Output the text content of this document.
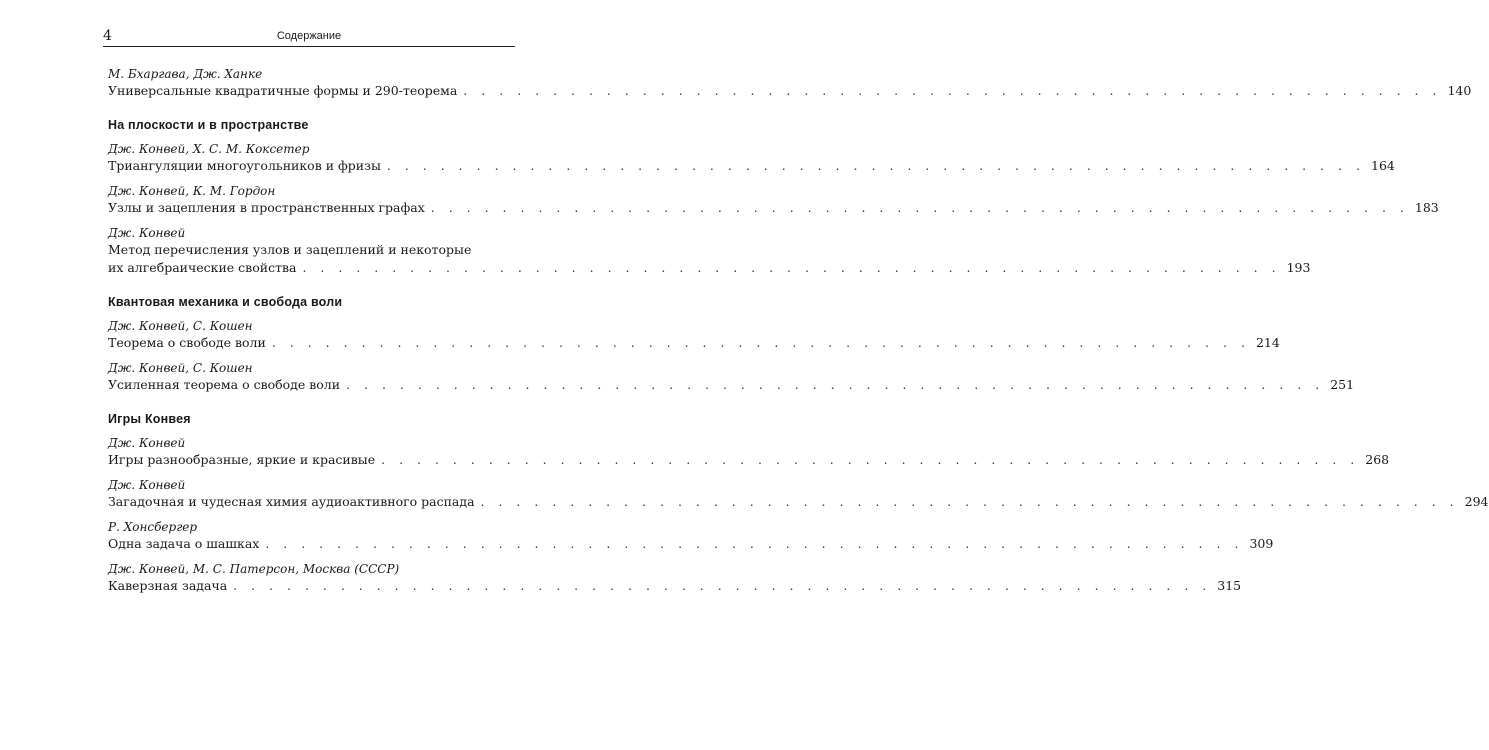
4	Содержание
М. Бхаргава, Дж. Ханке
Универсальные квадратичные формы и 290-теорема . . . . . . . . . . . . . . . . . . . . . . . . . . . . . . . . . . . . . . . . . . . . . . . . . . . . . . . 140
На плоскости и в пространстве
Дж. Конвей, Х. С. М. Коксетер
Триангуляции многоугольников и фризы . . . . . . . . . . . . . . . . . . . . . . . . . . . . . . . . . . . . . . . . . . . . . . . . . . . . . . . 164
Дж. Конвей, К. М. Гордон
Узлы и зацепления в пространственных графах . . . . . . . . . . . . . . . . . . . . . . . . . . . . . . . . . . . . . . . . . . . . . . . . . . . . . . . 183
Дж. Конвей
Метод перечисления узлов и зацеплений и некоторые
их алгебраические свойства . . . . . . . . . . . . . . . . . . . . . . . . . . . . . . . . . . . . . . . . . . . . . . . . . . . . . . . 193
Квантовая механика и свобода воли
Дж. Конвей, С. Кошен
Теорема о свободе воли . . . . . . . . . . . . . . . . . . . . . . . . . . . . . . . . . . . . . . . . . . . . . . . . . . . . . . . 214
Дж. Конвей, С. Кошен
Усиленная теорема о свободе воли . . . . . . . . . . . . . . . . . . . . . . . . . . . . . . . . . . . . . . . . . . . . . . . . . . . . . . . 251
Игры Конвея
Дж. Конвей
Игры разнообразные, яркие и красивые . . . . . . . . . . . . . . . . . . . . . . . . . . . . . . . . . . . . . . . . . . . . . . . . . . . . . . . 268
Дж. Конвей
Загадочная и чудесная химия аудиоактивного распада . . . . . . . . . . . . . . . . . . . . . . . . . . . . . . . . . . . . . . . . . . . . . . . . . . . . . . . 294
Р. Хонсбергер
Одна задача о шашках . . . . . . . . . . . . . . . . . . . . . . . . . . . . . . . . . . . . . . . . . . . . . . . . . . . . . . . 309
Дж. Конвей, М. С. Патерсон, Москва (СССР)
Каверзная задача . . . . . . . . . . . . . . . . . . . . . . . . . . . . . . . . . . . . . . . . . . . . . . . . . . . . . . . 315
